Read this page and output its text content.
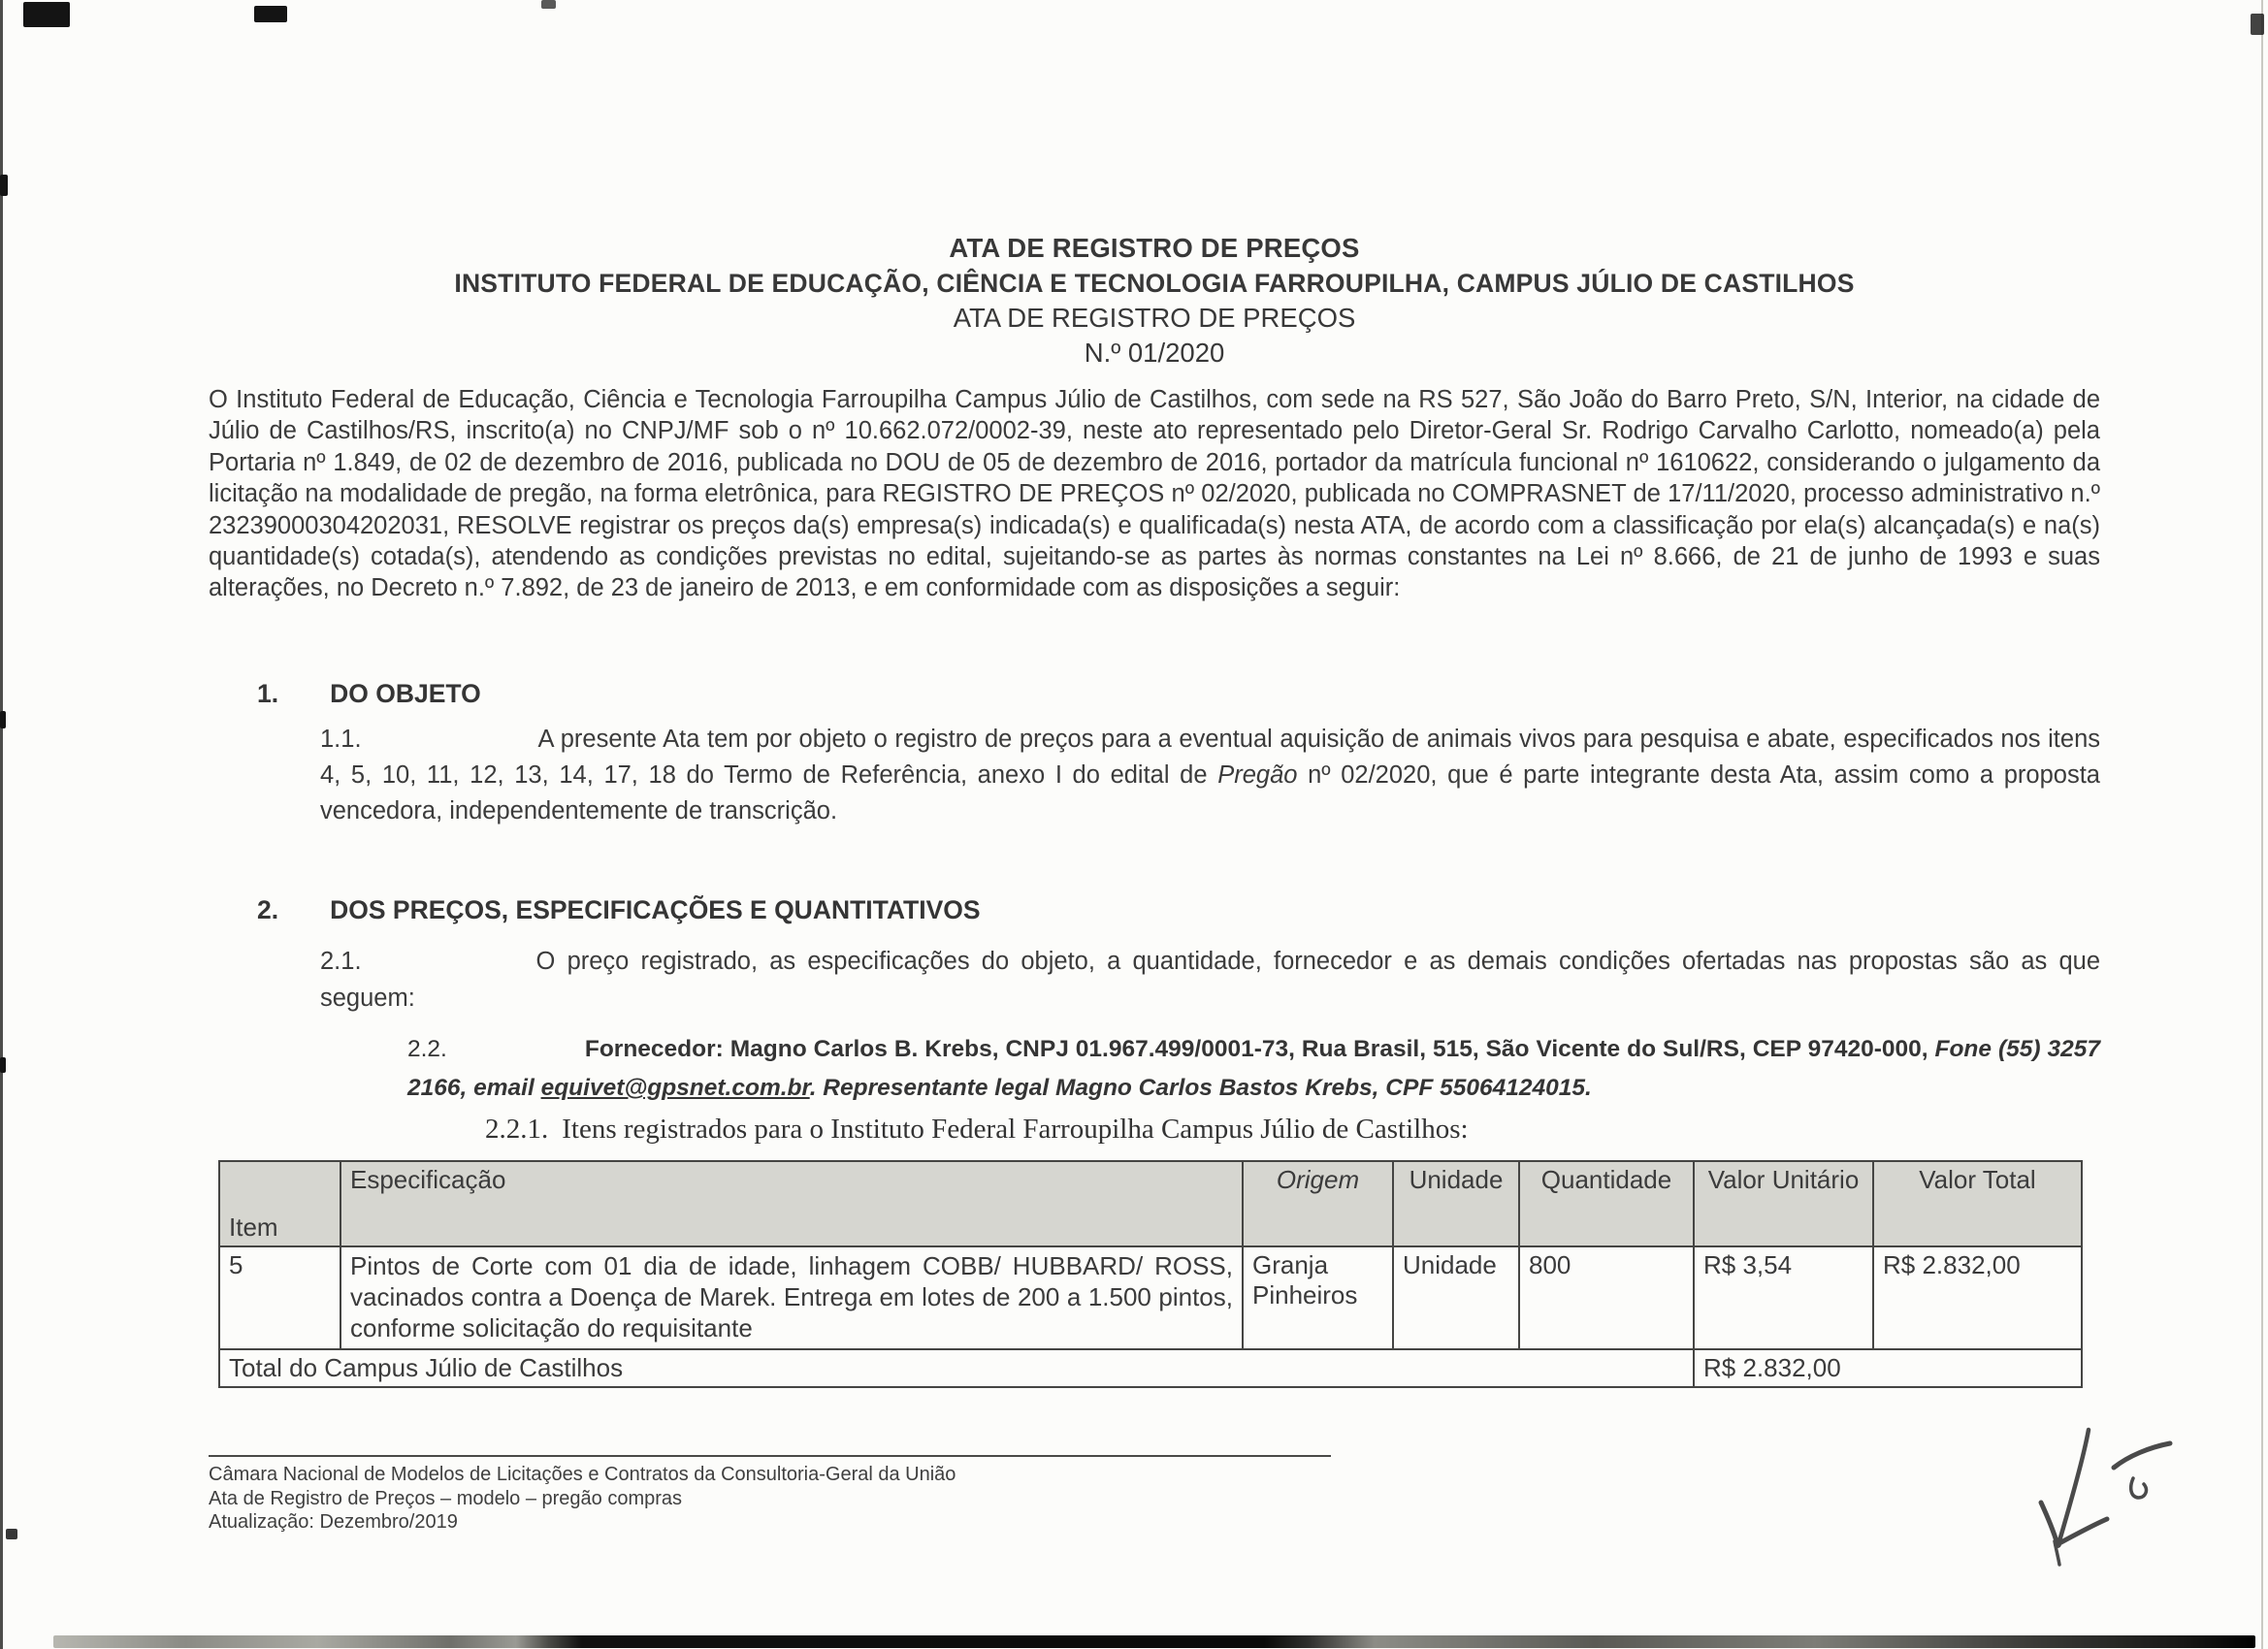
ATA DE REGISTRO DE PREÇOS
INSTITUTO FEDERAL DE EDUCAÇÃO, CIÊNCIA E TECNOLOGIA FARROUPILHA, CAMPUS JÚLIO DE CASTILHOS
ATA DE REGISTRO DE PREÇOS
N.º 01/2020
O Instituto Federal de Educação, Ciência e Tecnologia Farroupilha Campus Júlio de Castilhos, com sede na RS 527, São João do Barro Preto, S/N, Interior, na cidade de Júlio de Castilhos/RS, inscrito(a) no CNPJ/MF sob o nº 10.662.072/0002-39, neste ato representado pelo Diretor-Geral Sr. Rodrigo Carvalho Carlotto, nomeado(a) pela Portaria nº 1.849, de 02 de dezembro de 2016, publicada no DOU de 05 de dezembro de 2016, portador da matrícula funcional nº 1610622, considerando o julgamento da licitação na modalidade de pregão, na forma eletrônica, para REGISTRO DE PREÇOS nº 02/2020, publicada no COMPRASNET de 17/11/2020, processo administrativo n.º 23239000304202031, RESOLVE registrar os preços da(s) empresa(s) indicada(s) e qualificada(s) nesta ATA, de acordo com a classificação por ela(s) alcançada(s) e na(s) quantidade(s) cotada(s), atendendo as condições previstas no edital, sujeitando-se as partes às normas constantes na Lei nº 8.666, de 21 de junho de 1993 e suas alterações, no Decreto n.º 7.892, de 23 de janeiro de 2013, e em conformidade com as disposições a seguir:
1. DO OBJETO
1.1.	A presente Ata tem por objeto o registro de preços para a eventual aquisição de animais vivos para pesquisa e abate, especificados nos itens 4, 5, 10, 11, 12, 13, 14, 17, 18 do Termo de Referência, anexo I do edital de Pregão nº 02/2020, que é parte integrante desta Ata, assim como a proposta vencedora, independentemente de transcrição.
2. DOS PREÇOS, ESPECIFICAÇÕES E QUANTITATIVOS
2.1.	O preço registrado, as especificações do objeto, a quantidade, fornecedor e as demais condições ofertadas nas propostas são as que seguem:
2.2.	Fornecedor: Magno Carlos B. Krebs, CNPJ 01.967.499/0001-73, Rua Brasil, 515, São Vicente do Sul/RS, CEP 97420-000, Fone (55) 3257 2166, email equivet@gpsnet.com.br. Representante legal Magno Carlos Bastos Krebs, CPF 55064124015.
2.2.1. Itens registrados para o Instituto Federal Farroupilha Campus Júlio de Castilhos:
Item	Especificação	Origem	Unidade	Quantidade	Valor Unitário	Valor Total
5	Pintos de Corte com 01 dia de idade, linhagem COBB/ HUBBARD/ ROSS, vacinados contra a Doença de Marek. Entrega em lotes de 200 a 1.500 pintos, conforme solicitação do requisitante	Granja Pinheiros	Unidade	800	R$ 3,54	R$ 2.832,00
Total do Campus Júlio de Castilhos					R$ 2.832,00	
Câmara Nacional de Modelos de Licitações e Contratos da Consultoria-Geral da União
Ata de Registro de Preços – modelo – pregão compras
Atualização: Dezembro/2019
